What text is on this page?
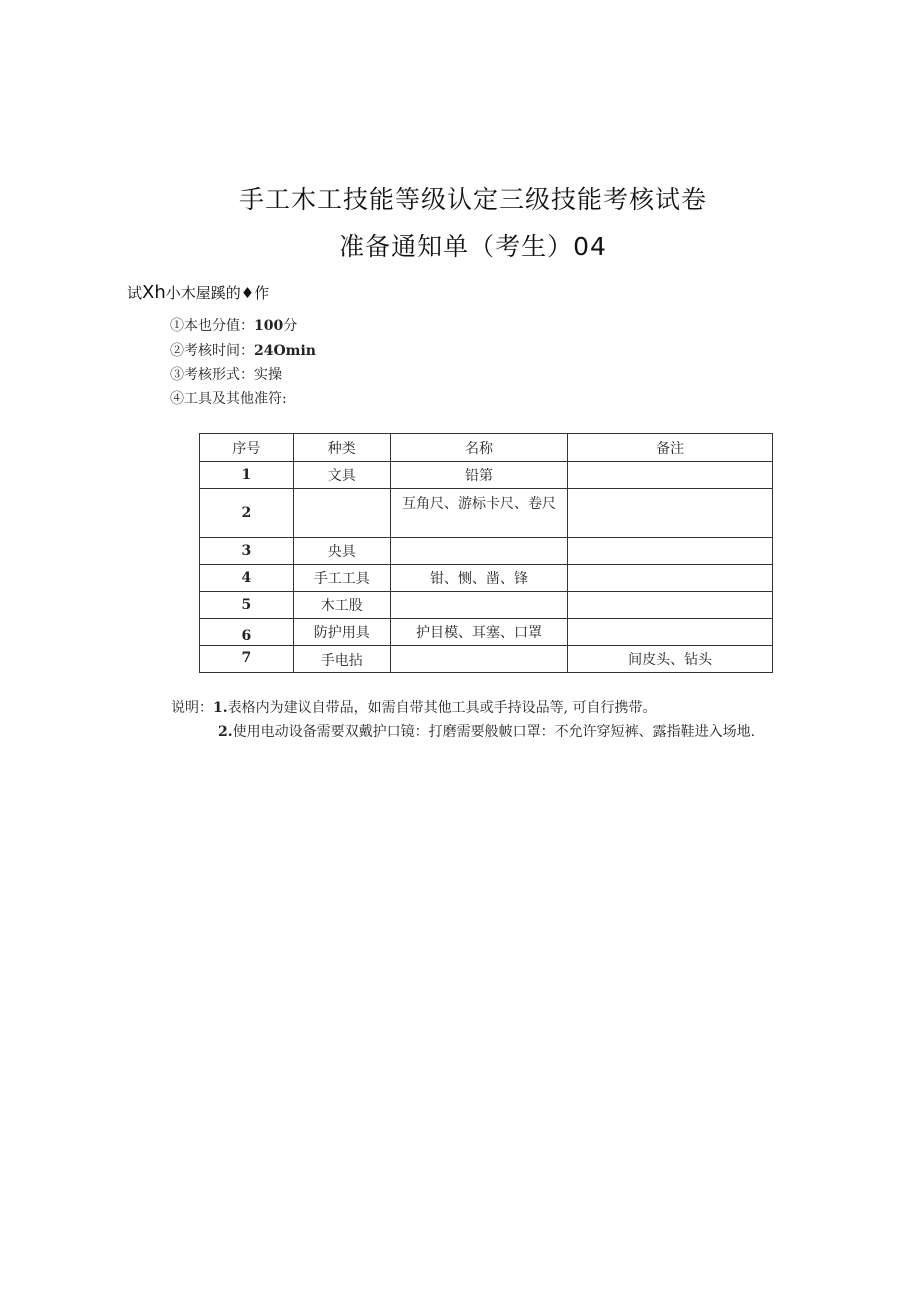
手工木工技能等级认定三级技能考核试卷
准备通知单（考生）04
试Xh小木屋蹊的♦作
①本也分值：100分
②考核时间：24Omin
③考核形式：实操
④工具及其他准符:
序号	种类	名称	备注
1	文具	铅第	
2		互角尺、游标卡尺、卷尺	
3	央具		
4	手工工具	钳、恻、凿、锋	
5	木工股		
6	防护用具	护目模、耳塞、口罩	
7	手电拈		间皮头、钻头
说明：1.表格内为建议自带品，如需自带其他工具或手持设品等, 可自行携带。
2.使用电动设备需要双戴护口镜：打磨需要般帔口罩：不允许穿短裤、露指鞋进入场地.
